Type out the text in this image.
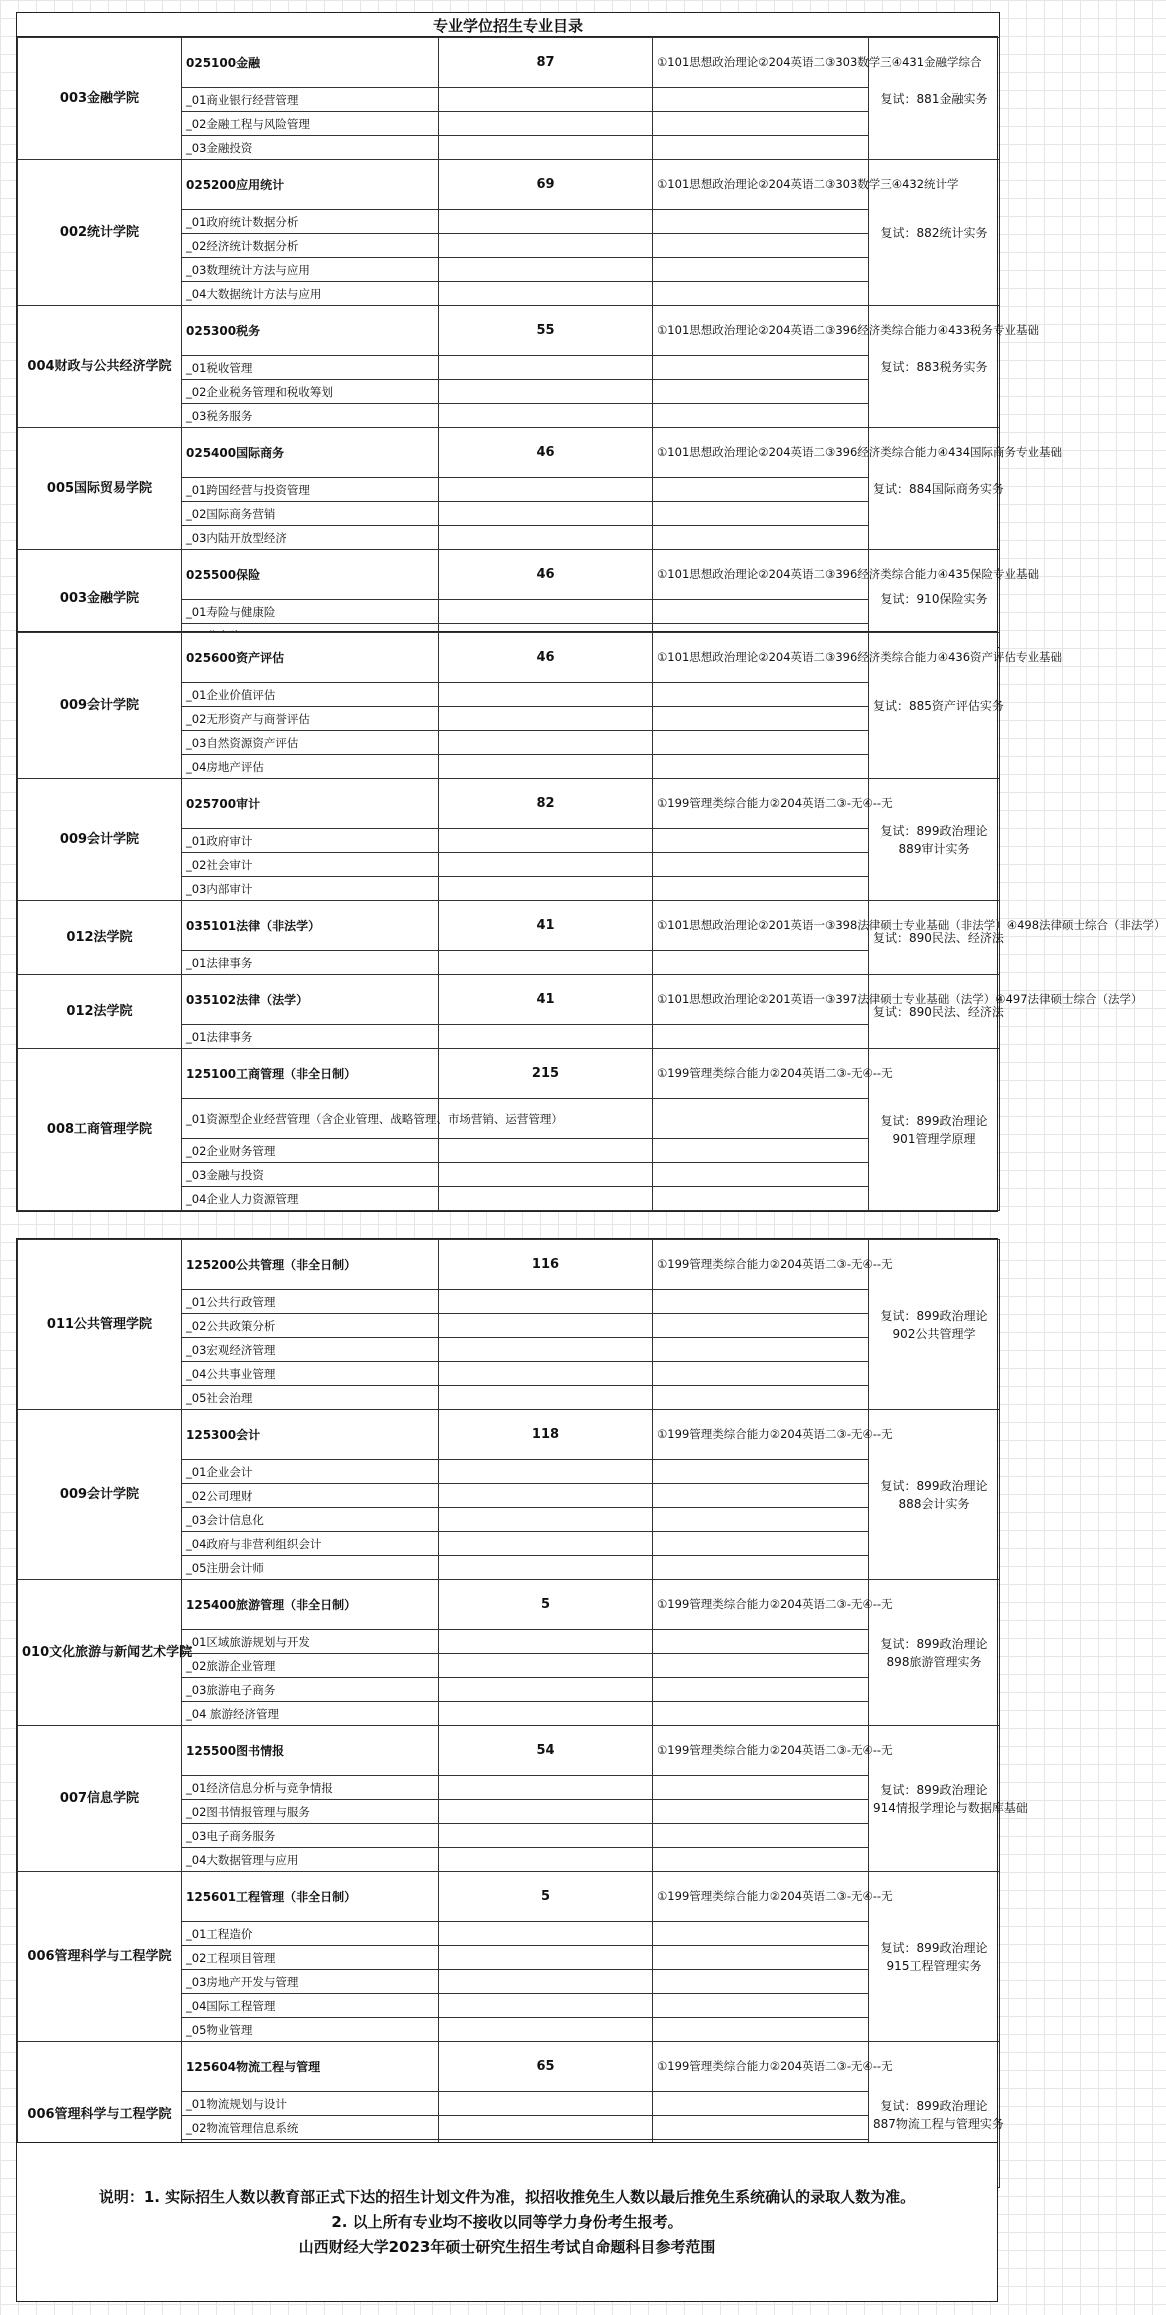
专业学位招生专业目录
003金融学院	025100金融	87	①101思想政治理论②204英语二③303数学三④431金融学综合	复试：881金融实务

	_01商业银行经营管理			
	_02金融工程与风险管理			
	_03金融投资			
002统计学院	025200应用统计	69	①101思想政治理论②204英语二③303数学三④432统计学	复试：882统计实务

	_01政府统计数据分析			
	_02经济统计数据分析			
	_03数理统计方法与应用			
	_04大数据统计方法与应用			
004财政与公共经济学院	025300税务	55	①101思想政治理论②204英语二③396经济类综合能力④433税务专业基础	复试：883税务实务

	_01税收管理			
	_02企业税务管理和税收筹划			
	_03税务服务			
005国际贸易学院	025400国际商务	46	①101思想政治理论②204英语二③396经济类综合能力④434国际商务专业基础	复试：884国际商务实务

	_01跨国经营与投资管理			
	_02国际商务营销			
	_03内陆开放型经济			
003金融学院	025500保险	46	①101思想政治理论②204英语二③396经济类综合能力④435保险专业基础	复试：910保险实务

	_01寿险与健康险			

009会计学院	025600资产评估	46	①101思想政治理论②204英语二③396经济类综合能力④436资产评估专业基础	复试：885资产评估实务

	_01企业价值评估			
	_02无形资产与商誉评估			
	_03自然资源资产评估			
	_04房地产评估			
009会计学院	025700审计	82	①199管理类综合能力②204英语二③-无④--无	复试：899政治理论
889审计实务

	_01政府审计			
	_02社会审计			
	_03内部审计			
012法学院	035101法律（非法学）	41	①101思想政治理论②201英语一③398法律硕士专业基础（非法学）④498法律硕士综合（非法学）	复试：890民法、经济法

	_01法律事务			
012法学院	035102法律（法学）	41	①101思想政治理论②201英语一③397法律硕士专业基础（法学）④497法律硕士综合（法学）	复试：890民法、经济法

	_01法律事务			
008工商管理学院	125100工商管理（非全日制）	215	①199管理类综合能力②204英语二③-无④--无	复试：899政治理论
901管理学原理

	_01资源型企业经营管理（含企业管理、战略管理、市场营销、运营管理）			
	_02企业财务管理			
	_03金融与投资			
	_04企业人力资源管理			
011公共管理学院	125200公共管理（非全日制）	116	①199管理类综合能力②204英语二③-无④--无	复试：899政治理论
902公共管理学

	_01公共行政管理			
	_02公共政策分析			
	_03宏观经济管理			
	_04公共事业管理			
	_05社会治理			
009会计学院	125300会计	118	①199管理类综合能力②204英语二③-无④--无	复试：899政治理论
888会计实务

	_01企业会计			
	_02公司理财			
	_03会计信息化			
	_04政府与非营利组织会计			
	_05注册会计师			
010文化旅游与新闻艺术学院	125400旅游管理（非全日制）	5	①199管理类综合能力②204英语二③-无④--无	复试：899政治理论
898旅游管理实务

	_01区域旅游规划与开发			
	_02旅游企业管理			
	_03旅游电子商务			
	_04 旅游经济管理			
007信息学院	125500图书情报	54	①199管理类综合能力②204英语二③-无④--无	复试：899政治理论
914情报学理论与数据库基础

	_01经济信息分析与竞争情报			
	_02图书情报管理与服务			
	_03电子商务服务			
	_04大数据管理与应用			
006管理科学与工程学院	125601工程管理（非全日制）	5	①199管理类综合能力②204英语二③-无④--无	复试：899政治理论
915工程管理实务

	_01工程造价			
	_02工程项目管理			
	_03房地产开发与管理			
	_04国际工程管理			
	_05物业管理			
006管理科学与工程学院	125604物流工程与管理	65	①199管理类综合能力②204英语二③-无④--无	复试：899政治理论
887物流工程与管理实务

	_01物流规划与设计			
	_02物流管理信息系统			

说明：1. 实际招生人数以教育部正式下达的招生计划文件为准，拟招收推免生人数以最后推免生系统确认的录取人数为准。
2. 以上所有专业均不接收以同等学力身份考生报考。
山西财经大学2023年硕士研究生招生考试自命题科目参考范围
